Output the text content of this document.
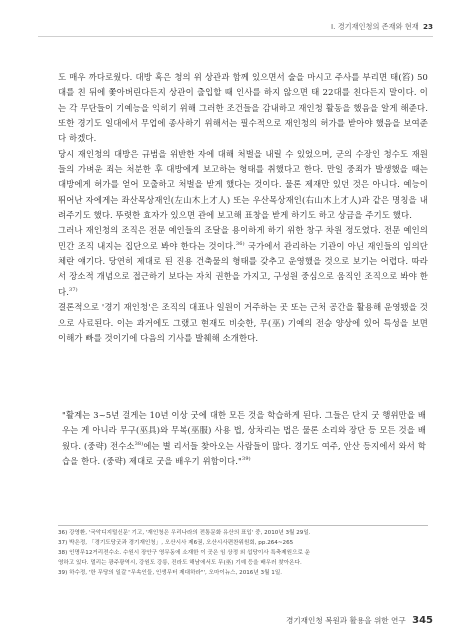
Ⅰ. 경기재인청의 존재와 현재 23

도 매우 까다로웠다. 대방 혹은 청의 위 상관과 함께 있으면서 술을 마시고 주사를 부리면 태(笞) 50대를 친 뒤에 쫓아버린다든지 상관이 출입할 때 인사를 하지 않으면 태 22대를 친다든지 말이다. 이는 각 무단들이 기예능을 익히기 위해 그러한 조건들을 감내하고 재인청 활동을 했음을 알게 해준다. 또한 경기도 일대에서 무업에 종사하기 위해서는 필수적으로 재인청의 허가를 받아야 했음을 보여준다 하겠다.

당시 재인청의 대방은 규범을 위반한 자에 대해 처벌을 내릴 수 있었으며, 군의 수장인 청수도 재원들의 가벼운 죄는 처분한 후 대방에게 보고하는 형태를 취했다고 한다. 만일 중죄가 발생했을 때는 대방에게 허가를 얻어 모출하고 처벌을 받게 했다는 것이다. 물론 제재만 있던 것은 아니다. 예능이 뛰어난 자에게는 좌산목상재인(左山木上才人) 또는 우산목상재인(右山木上才人)과 같은 명칭을 내려주기도 했다. 뚜렷한 효자가 있으면 관에 보고해 표창을 받게 하기도 하고 상금을 주기도 했다.

그러나 재인청의 조직은 전문 예인들의 조달을 용이하게 하기 위한 창구 차원 정도였다. 전문 예인의 민간 조직 내지는 집단으로 봐야 한다는 것이다.$^{36)}$ 국가에서 관리하는 기관이 아닌 재인들의 임의단체란 얘기다. 당연히 제대로 된 진용 건축물의 형태를 갖추고 운영했을 것으로 보기는 어렵다. 따라서 장소적 개념으로 접근하기 보다는 자치 권한을 가지고, 구성원 중심으로 움직인 조직으로 봐야 한다.$^{37)}$

결론적으로 '경기 재인청'은 조직의 대표나 일원이 거주하는 곳 또는 근처 공간을 활용해 운영됐을 것으로 사료된다. 이는 과거에도 그랬고 현재도 비슷한, 무(巫) 기예의 전승 양상에 있어 특성을 보면 이해가 빠를 것이기에 다음의 기사를 발췌해 소개한다.

"활계는 3~5년 걸게는 10년 이상 굿에 대한 모든 것을 학습하게 된다. 그들은 단지 굿 행위만을 배우는 게 아니라 무구(巫具)와 무복(巫服) 사용 법, 상차리는 법은 물론 소리와 장단 등 모든 것을 배웠다. (중략) 전수소$^{38)}$에는 별 리서들 찾아오는 사람들이 많다. 경기도 여주, 안산 등지에서 와서 학습을 한다. (중략) 제대로 굿을 배우기 위함이다."$^{39)}$

36) 강영환, '국악디지털신문' 기고, '재인청은 우리나라의 전통문화 유산의 표입' 중, 2010년 3월 29일.
37) 박은정, 「경기도당굿과 경기재인청」, 오산시사 제6권, 오산시사편찬위원회, pp.264~265
38) 인명무12거리전수소. 수원시 장안구 영무동에 소재한 이 곳은 임 상정 외 섭당이사 특축제원으로 운
영하고 있다. 멀리는 광주광역시, 강원도 강릉, 진라도 해남에서도 무(巫) 기예 등을 배우러 찾아온다.
39) 하수정, '한 무당의 일갈 "무속인들, 인생무터 제대하라"', 오마이뉴스, 2016년 3월 1일.
경기재인청 복원과 활용을 위한 연구 345
